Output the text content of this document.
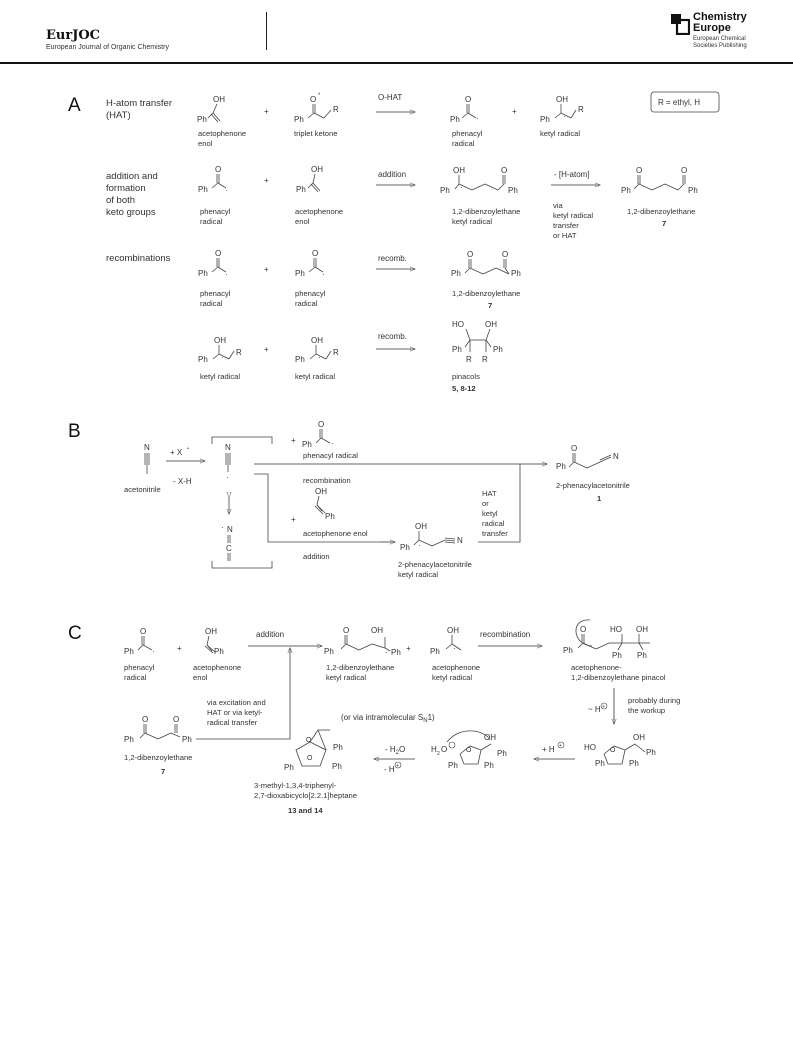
EurJOC
European Journal of Organic Chemistry
Chemistry
Europe
European Chemical
Societies Publishing
A	H-atom transfer
(HAT)
OH
Ph
acetophenone
enol
+
O *
R
Ph
triplet ketone
O-HAT	O
·
Ph
phenacyl
radical
+
OH
R
·
Ph
ketyl radical
R = ethyl, H
addition and
formation
of both
keto groups
O
·
Ph
phenacyl
radical
+
OH
Ph
acetophenone
enol
addition	OH
·
O
Ph
Ph
1,2-dibenzoylethane
ketyl radical
- [H-atom]
via
ketyl radical
transfer
or HAT
O	O
Ph
Ph
1,2-dibenzoylethane
7
recombinations	O
·
Ph
phenacyl
radical
+
O
·
Ph
phenacyl
radical
recomb.	O	O
Ph
Ph
1,2-dibenzoylethane
7
OH
R
·
Ph
ketyl radical
+
OH
R
·
Ph
ketyl radical
recomb.
HO	OH
Ph	Ph
R R
pinacols
5, 8-12
B
N
acetonitrile
+ X •
- X-H
N
·
· N
C
+
O
·
Ph
phenacyl radical
recombination
+
OH
Ph
acetophenone enol
addition
OH
·
N
Ph
2-phenacylacetonitrile
ketyl radical
HAT
or
ketyl
radical
transfer
O
N
Ph
2-phenacylacetonitrile
1
C	O
·
Ph
phenacyl
radical
+
OH
Ph
acetophenone
enol
addition	O	OH
· Ph
Ph
1,2-dibenzoylethane
ketyl radical
+
OH
·
Ph
acetophenone
ketyl radical
recombination
O	HO OH
Ph Ph
Ph
acetophenone-
1,2-dibenzoylethane pinacol
probably during
the workup
~ H +
O	O
Ph
Ph
1,2-dibenzoylethane
7
via excitation and
HAT or via ketyl-
radical transfer
HO O
Ph
OH
Ph
Ph
+ H +
H 2 O	O
Ph
OH
Ph
Ph
(or via intramolecular $S_N1$)
- $H_2O$
- H +
O
O
Ph
Ph	Ph
3-methyl-1,3,4-triphenyl-
2,7-dioxabicyclo[2.2.1]heptane
13 and 14
